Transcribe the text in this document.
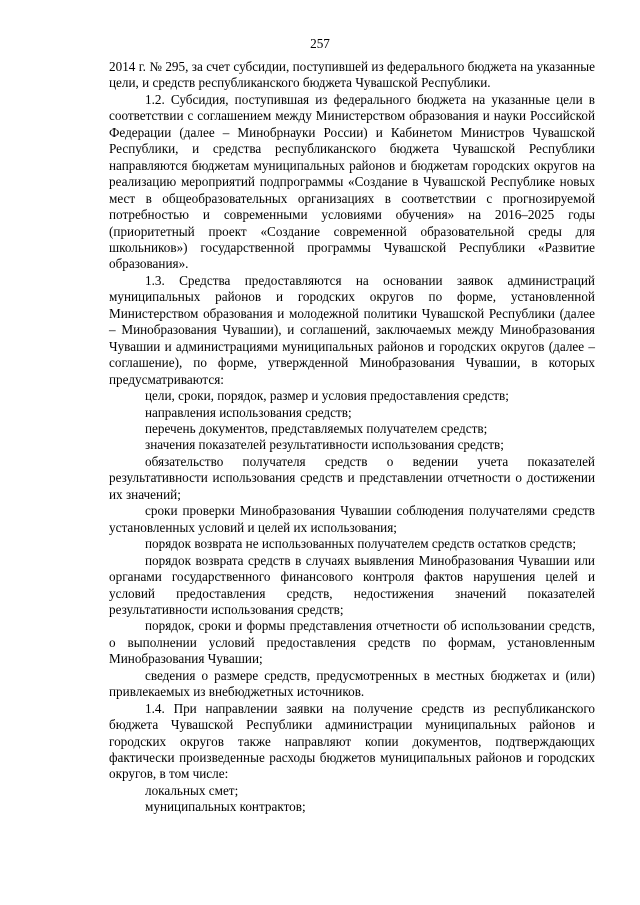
257

2014 г. № 295, за счет субсидии, поступившей из федерального бюджета на указанные цели, и средств республиканского бюджета Чувашской Республики.

1.2. Субсидия, поступившая из федерального бюджета на указанные цели в соответствии с соглашением между Министерством образования и науки Российской Федерации (далее – Минобрнауки России) и Кабинетом Министров Чувашской Республики, и средства республиканского бюджета Чувашской Республики направляются бюджетам муниципальных районов и бюджетам городских округов на реализацию мероприятий подпрограммы «Создание в Чувашской Республике новых мест в общеобразовательных организациях в соответствии с прогнозируемой потребностью и современными условиями обучения» на 2016–2025 годы (приоритетный проект «Создание современной образовательной среды для школьников») государственной программы Чувашской Республики «Развитие образования».

1.3. Средства предоставляются на основании заявок администраций муниципальных районов и городских округов по форме, установленной Министерством образования и молодежной политики Чувашской Республики (далее – Минобразования Чувашии), и соглашений, заключаемых между Минобразования Чувашии и администрациями муниципальных районов и городских округов (далее – соглашение), по форме, утвержденной Минобразования Чувашии, в которых предусматриваются:

цели, сроки, порядок, размер и условия предоставления средств;

направления использования средств;

перечень документов, представляемых получателем средств;

значения показателей результативности использования средств;

обязательство получателя средств о ведении учета показателей результативности использования средств и представлении отчетности о достижении их значений;

сроки проверки Минобразования Чувашии соблюдения получателями средств установленных условий и целей их использования;

порядок возврата не использованных получателем средств остатков средств;

порядок возврата средств в случаях выявления Минобразования Чувашии или органами государственного финансового контроля фактов нарушения целей и условий предоставления средств, недостижения значений показателей результативности использования средств;

порядок, сроки и формы представления отчетности об использовании средств, о выполнении условий предоставления средств по формам, установленным Минобразования Чувашии;

сведения о размере средств, предусмотренных в местных бюджетах и (или) привлекаемых из внебюджетных источников.

1.4. При направлении заявки на получение средств из республиканского бюджета Чувашской Республики администрации муниципальных районов и городских округов также направляют копии документов, подтверждающих фактически произведенные расходы бюджетов муниципальных районов и городских округов, в том числе:

локальных смет;

муниципальных контрактов;
